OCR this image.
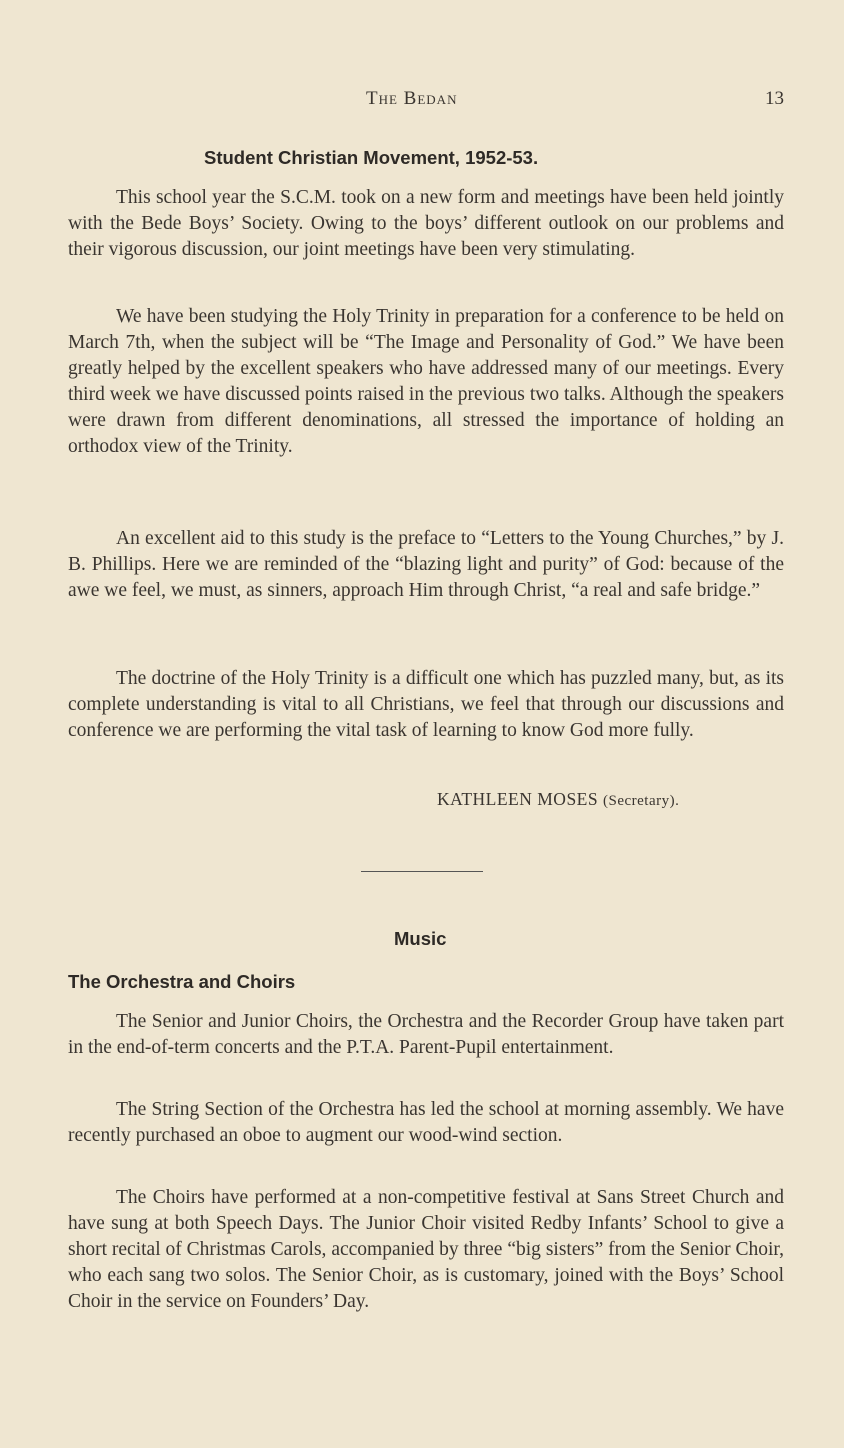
The Bedan	13
Student Christian Movement, 1952-53.

This school year the S.C.M. took on a new form and meetings have been held jointly with the Bede Boys’ Society. Owing to the boys’ different outlook on our problems and their vigorous discussion, our joint meetings have been very stimulating.

We have been studying the Holy Trinity in preparation for a conference to be held on March 7th, when the subject will be “The Image and Personality of God.” We have been greatly helped by the excellent speakers who have addressed many of our meetings. Every third week we have discussed points raised in the previous two talks. Although the speakers were drawn from different denominations, all stressed the importance of holding an orthodox view of the Trinity.

An excellent aid to this study is the preface to “Letters to the Young Churches,” by J. B. Phillips. Here we are reminded of the “blazing light and purity” of God: because of the awe we feel, we must, as sinners, approach Him through Christ, “a real and safe bridge.”

The doctrine of the Holy Trinity is a difficult one which has puzzled many, but, as its complete understanding is vital to all Christians, we feel that through our discussions and conference we are performing the vital task of learning to know God more fully.

KATHLEEN MOSES (Secretary).
Music
The Orchestra and Choirs

The Senior and Junior Choirs, the Orchestra and the Recorder Group have taken part in the end-of-term concerts and the P.T.A. Parent-Pupil entertainment.

The String Section of the Orchestra has led the school at morning assembly. We have recently purchased an oboe to augment our wood-wind section.

The Choirs have performed at a non-competitive festival at Sans Street Church and have sung at both Speech Days. The Junior Choir visited Redby Infants’ School to give a short recital of Christmas Carols, accompanied by three “big sisters” from the Senior Choir, who each sang two solos. The Senior Choir, as is customary, joined with the Boys’ School Choir in the service on Founders’ Day.
